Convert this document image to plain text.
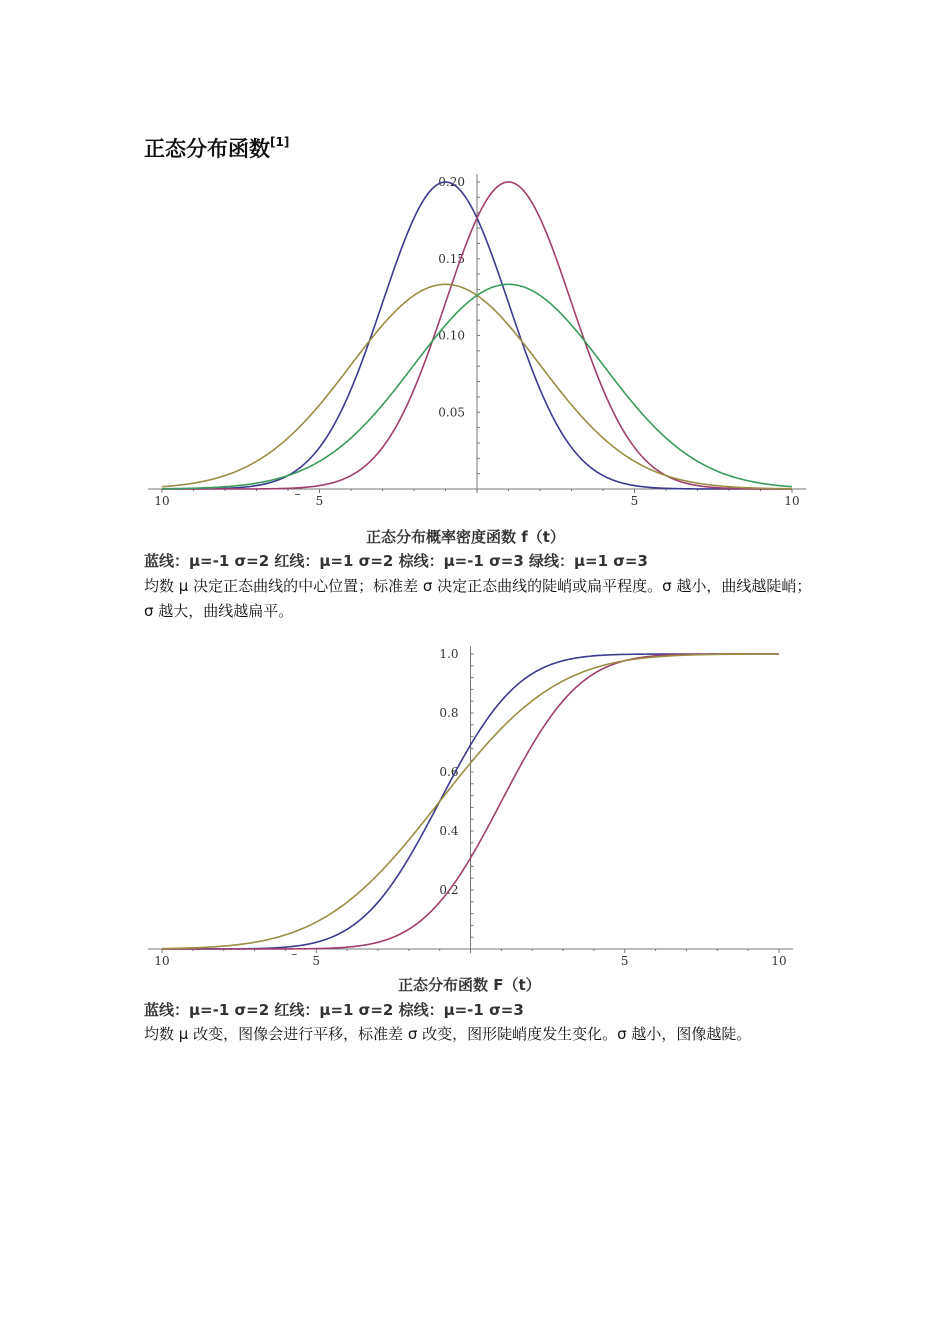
正态分布函数[1]
10	5	5	10
–
0.05
0.10
0.15
0.20
正态分布概率密度函数 f（t）
蓝线：μ=-1 σ=2 红线：μ=1 σ=2 棕线：μ=-1 σ=3 绿线：μ=1 σ=3
均数 μ 决定正态曲线的中心位置；标准差 σ 决定正态曲线的陡峭或扁平程度。σ 越小，曲线越陡峭；σ 越大，曲线越扁平。
10	5	5	10
–
0.2
0.4
0.6
0.8
1.0
正态分布函数 F（t）
蓝线：μ=-1 σ=2 红线：μ=1 σ=2 棕线：μ=-1 σ=3
均数 μ 改变，图像会进行平移，标准差 σ 改变，图形陡峭度发生变化。σ 越小，图像越陡。
